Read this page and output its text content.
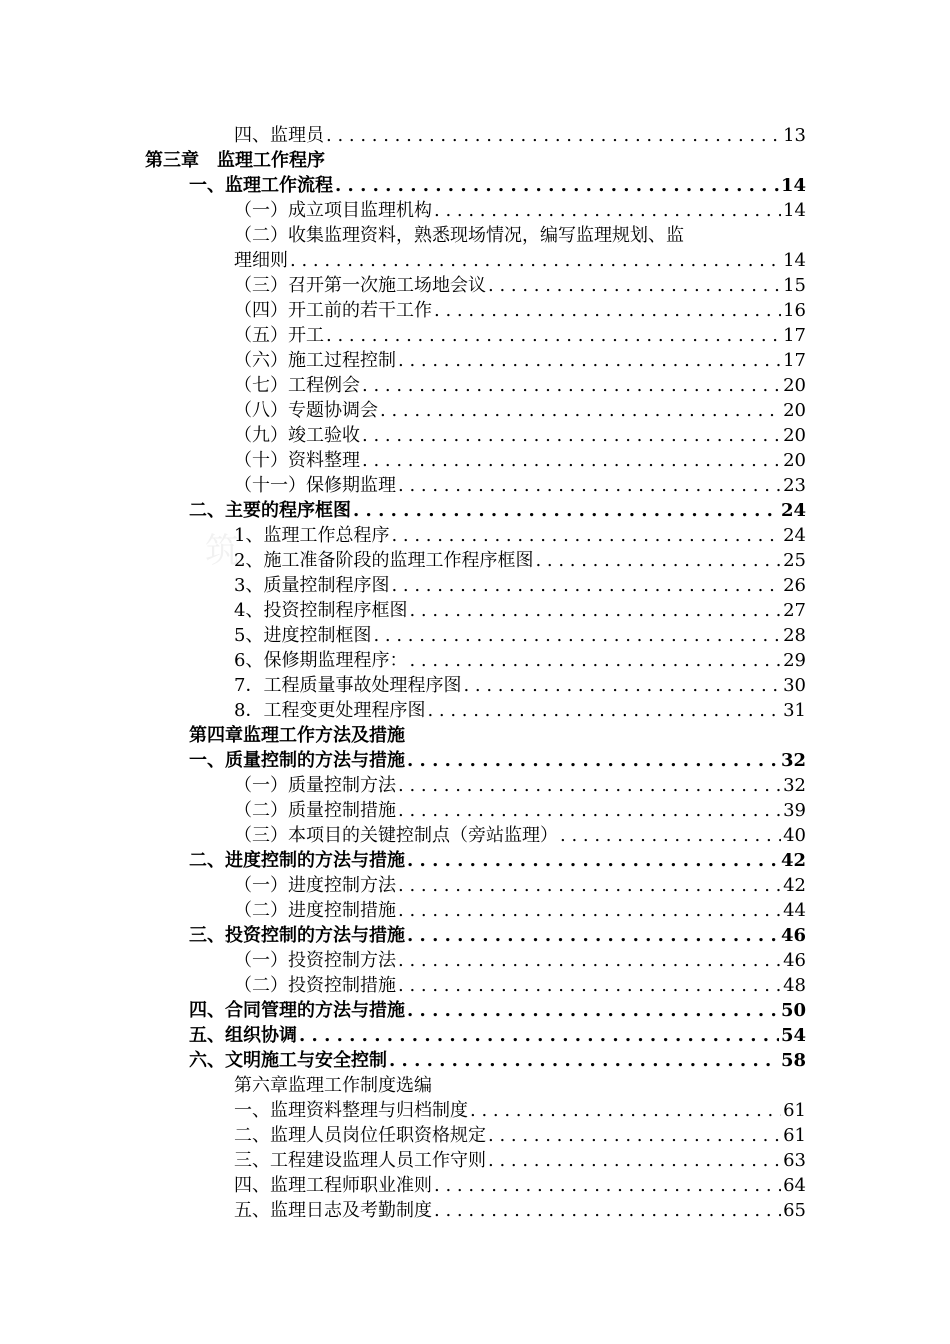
筑
四、监理员 . . .	13
第三章　监理工作程序
一、监理工作流程 . . .	14
（一）成立项目监理机构 . . .	14
（二）收集监理资料，熟悉现场情况，编写监理规划、监
理细则 . . .	14
（三）召开第一次施工场地会议 . . .	15
（四）开工前的若干工作 . . .	16
（五）开工 . . .	17
（六）施工过程控制 . . .	17
（七）工程例会 . . .	20
（八）专题协调会 . . .	20
（九）竣工验收 . . .	20
（十）资料整理 . . .	20
（十一）保修期监理 . . .	23
二、主要的程序框图 . . .	24
1、监理工作总程序 . . .	24
2、施工准备阶段的监理工作程序框图 . . .	25
3、质量控制程序图 . . .	26
4、投资控制程序框图 . . .	27
5、进度控制框图 . . .	28
6、保修期监理程序： . . .	29
7．工程质量事故处理程序图 . . .	30
8．工程变更处理程序图 . . .	31
第四章监理工作方法及措施
一、质量控制的方法与措施 . . .	32
（一）质量控制方法 . . .	32
（二）质量控制措施 . . .	39
（三）本项目的关键控制点（旁站监理） . . .	40
二、进度控制的方法与措施 . . .	42
（一）进度控制方法 . . .	42
（二）进度控制措施 . . .	44
三、投资控制的方法与措施 . . .	46
（一）投资控制方法 . . .	46
（二）投资控制措施 . . .	48
四、合同管理的方法与措施 . . .	50
五、组织协调 . . .	54
六、文明施工与安全控制 . . .	58
第六章监理工作制度选编
一、监理资料整理与归档制度 . . .	61
二、监理人员岗位任职资格规定 . . .	61
三、工程建设监理人员工作守则 . . .	63
四、监理工程师职业准则 . . .	64
五、监理日志及考勤制度 . . .	65
